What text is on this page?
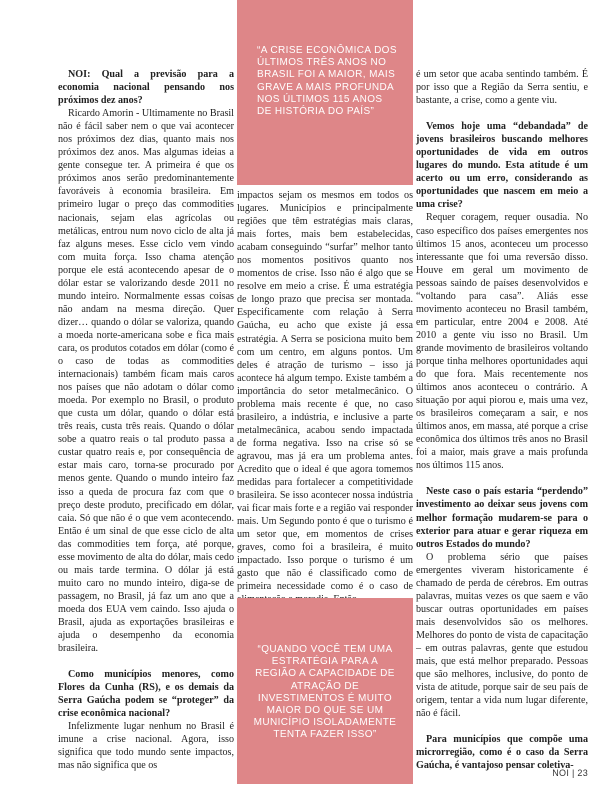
“A CRISE ECONÔMICA DOS ÚLTIMOS TRÊS ANOS NO BRASIL FOI A MAIOR, MAIS GRAVE A MAIS PROFUNDA NOS ÚLTIMOS 115 ANOS DE HISTÓRIA DO PAÍS”

NOI: Qual a previsão para a economia nacional pensando nos próximos dez anos?

Ricardo Amorin - Ultimamente no Brasil não é fácil saber nem o que vai acontecer nos próximos dez dias, quanto mais nos próximos dez anos. Mas algumas ideias a gente consegue ter. A primeira é que os próximos anos serão predominantemente favoráveis à economia brasileira. Em primeiro lugar o preço das commodities nacionais, sejam elas agrícolas ou metálicas, entrou num novo ciclo de alta já faz alguns meses. Esse ciclo vem vindo com muita força. Isso chama atenção porque ele está acontecendo apesar de o dólar estar se valorizando desde 2011 no mundo inteiro. Normalmente essas coisas não andam na mesma direção. Quer dizer… quando o dólar se valoriza, quando a moeda norte-americana sobe e fica mais cara, os produtos cotados em dólar (como é o caso de todas as commodities internacionais) também ficam mais caros nos países que não adotam o dólar como moeda. Por exemplo no Brasil, o produto que custa um dólar, quando o dólar está três reais, custa três reais. Quando o dólar sobe a quatro reais o tal produto passa a custar quatro reais e, por consequência de estar mais caro, torna-se procurado por menos gente. Quando o mundo inteiro faz isso a queda de procura faz com que o preço deste produto, precificado em dólar, caia. Só que não é o que vem acontecendo. Então é um sinal de que esse ciclo de alta das commodities tem força, até porque, esse movimento de alta do dólar, mais cedo ou mais tarde termina. O dólar já está muito caro no mundo inteiro, diga-se de passagem, no Brasil, já faz um ano que a moeda dos EUA vem caindo. Isso ajuda o Brasil, ajuda as exportações brasileiras e ajuda o desempenho da economia brasileira.

Como municípios menores, como Flores da Cunha (RS), e os demais da Serra Gaúcha podem se “proteger” da crise econômica nacional?

Infelizmente lugar nenhum no Brasil é imune a crise nacional. Agora, isso significa que todo mundo sente impactos, mas não significa que os

impactos sejam os mesmos em todos os lugares. Municípios e principalmente regiões que têm estratégias mais claras, mais fortes, mais bem estabelecidas, acabam conseguindo “surfar” melhor tanto nos momentos positivos quanto nos momentos de crise. Isso não é algo que se resolve em meio a crise. É uma estratégia de longo prazo que precisa ser montada. Especificamente com relação à Serra Gaúcha, eu acho que existe já essa estratégia. A Serra se posiciona muito bem com um centro, em alguns pontos. Um deles é atração de turismo – isso já acontece há algum tempo. Existe também a importância do setor metalmecânico. O problema mais recente é que, no caso brasileiro, a indústria, e inclusive a parte metalmecânica, acabou sendo impactada de forma negativa. Isso na crise só se agravou, mas já era um problema antes. Acredito que o ideal é que agora tomemos medidas para fortalecer a competitividade brasileira. Se isso acontecer nossa indústria vai ficar mais forte e a região vai responder mais. Um Segundo ponto é que o turismo é um setor que, em momentos de crises graves, como foi a brasileira, é muito impactado. Isso porque o turismo é um gasto que não é classificado como de primeira necessidade como é o caso de

“QUANDO VOCÊ TEM UMA ESTRATÉGIA PARA A REGIÃO A CAPACIDADE DE ATRAÇÃO DE INVESTIMENTOS É MUITO MAIOR DO QUE SE UM MUNICÍPIO ISOLADAMENTE TENTA FAZER ISSO”

é um setor que acaba sentindo também. É por isso que a Região da Serra sentiu, e bastante, a crise, como a gente viu.

Vemos hoje uma “debandada” de jovens brasileiros buscando melhores oportunidades de vida em outros lugares do mundo. Esta atitude é um acerto ou um erro, considerando as oportunidades que nascem em meio a uma crise?

Requer coragem, requer ousadia. No caso específico dos países emergentes nos últimos 15 anos, aconteceu um processo interessante que foi uma reversão disso. Houve em geral um movimento de pessoas saindo de países desenvolvidos e “voltando para casa”. Aliás esse movimento aconteceu no Brasil também, em particular, entre 2004 e 2008. Até 2010 a gente viu isso no Brasil. Um grande movimento de brasileiros voltando porque tinha melhores oportunidades aqui do que fora. Mais recentemente nos últimos anos aconteceu o contrário. A situação por aqui piorou e, mais uma vez, os brasileiros começaram a sair, e nos últimos anos, em massa, até porque a crise econômica dos últimos três anos no Brasil foi a maior, mais grave a mais profunda nos últimos 115 anos.

Neste caso o país estaria “perdendo” investimento ao deixar seus jovens com melhor formação mudarem-se para o exterior para atuar e gerar riqueza em outros Estados do mundo?

O problema sério que países emergentes viveram historicamente é chamado de perda de cérebros. Em outras palavras, muitas vezes os que saem e vão buscar outras oportunidades em países mais desenvolvidos são os melhores. Melhores do ponto de vista de capacitação – em outras palavras, gente que estudou mais, que está melhor preparado. Pessoas que são melhores, inclusive, do ponto de vista de atitude, porque sair de seu país de origem, tentar a vida num lugar diferente, não é fácil.

Para municípios que compõe uma microrregião, como é o caso da Serra Gaúcha, é vantajoso pensar coletiva-

NOI | 23
